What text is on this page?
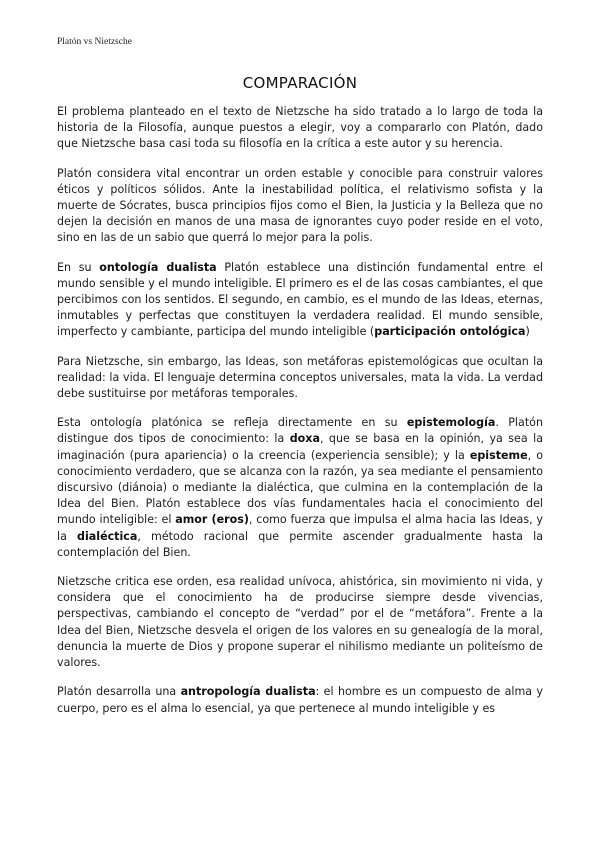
Platón vs Nietzsche
COMPARACIÓN

El problema planteado en el texto de Nietzsche ha sido tratado a lo largo de toda la historia de la Filosofía, aunque puestos a elegir, voy a compararlo con Platón, dado que Nietzsche basa casi toda su filosofía en la crítica a este autor y su herencia.

Platón considera vital encontrar un orden estable y conocible para construir valores éticos y políticos sólidos. Ante la inestabilidad política, el relativismo sofista y la muerte de Sócrates, busca principios fijos como el Bien, la Justicia y la Belleza que no dejen la decisión en manos de una masa de ignorantes cuyo poder reside en el voto, sino en las de un sabio que querrá lo mejor para la polis.

En su ontología dualista Platón establece una distinción fundamental entre el mundo sensible y el mundo inteligible. El primero es el de las cosas cambiantes, el que percibimos con los sentidos. El segundo, en cambio, es el mundo de las Ideas, eternas, inmutables y perfectas que constituyen la verdadera realidad. El mundo sensible, imperfecto y cambiante, participa del mundo inteligible (participación ontológica)

Para Nietzsche, sin embargo, las Ideas, son metáforas epistemológicas que ocultan la realidad: la vida. El lenguaje determina conceptos universales, mata la vida. La verdad debe sustituirse por metáforas temporales.

Esta ontología platónica se refleja directamente en su epistemología. Platón distingue dos tipos de conocimiento: la doxa, que se basa en la opinión, ya sea la imaginación (pura apariencia) o la creencia (experiencia sensible); y la episteme, o conocimiento verdadero, que se alcanza con la razón, ya sea mediante el pensamiento discursivo (diánoia) o mediante la dialéctica, que culmina en la contemplación de la Idea del Bien. Platón establece dos vías fundamentales hacia el conocimiento del mundo inteligible: el amor (eros), como fuerza que impulsa el alma hacia las Ideas, y la dialéctica, método racional que permite ascender gradualmente hasta la contemplación del Bien.

Nietzsche critica ese orden, esa realidad unívoca, ahistórica, sin movimiento ni vida, y considera que el conocimiento ha de producirse siempre desde vivencias, perspectivas, cambiando el concepto de “verdad” por el de “metáfora”. Frente a la Idea del Bien, Nietzsche desvela el origen de los valores en su genealogía de la moral, denuncia la muerte de Dios y propone superar el nihilismo mediante un politeísmo de valores.

Platón desarrolla una antropología dualista: el hombre es un compuesto de alma y cuerpo, pero es el alma lo esencial, ya que pertenece al mundo inteligible y es
